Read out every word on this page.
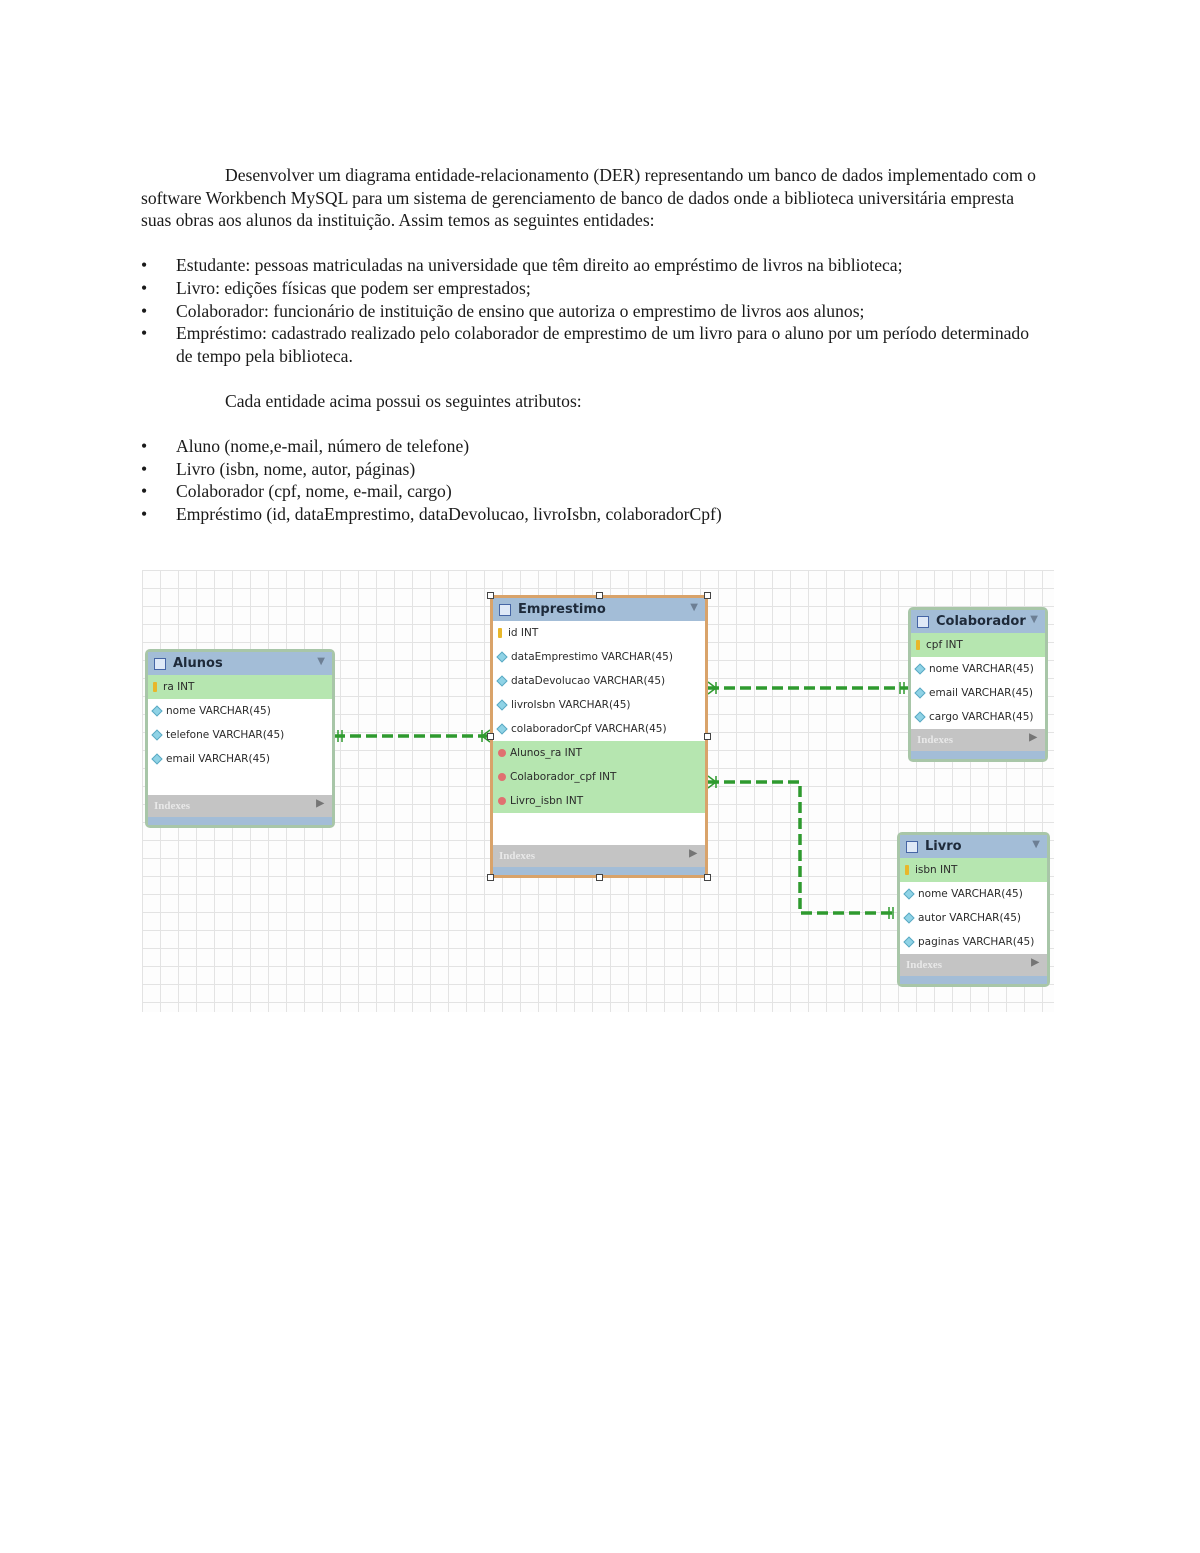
Desenvolver um diagrama entidade-relacionamento (DER) representando um banco de dados implementado com o software Workbench MySQL para um sistema de gerenciamento de banco de dados onde a biblioteca universitária empresta suas obras aos alunos da instituição. Assim temos as seguintes entidades:

• Estudante: pessoas matriculadas na universidade que têm direito ao empréstimo de livros na biblioteca;
• Livro: edições físicas que podem ser emprestados;
• Colaborador: funcionário de instituição de ensino que autoriza o emprestimo de livros aos alunos;
• Empréstimo: cadastrado realizado pelo colaborador de emprestimo de um livro para o aluno por um período determinado de tempo pela biblioteca.

Cada entidade acima possui os seguintes atributos:

• Aluno (nome,e-mail, número de telefone)
• Livro (isbn, nome, autor, páginas)
• Colaborador (cpf, nome, e-mail, cargo)
• Empréstimo (id, dataEmprestimo, dataDevolucao, livroIsbn, colaboradorCpf)
Alunos	▼
ra INT
nome VARCHAR(45)
telefone VARCHAR(45)
email VARCHAR(45)
Indexes	▶
Emprestimo	▼
id INT
dataEmprestimo VARCHAR(45)
dataDevolucao VARCHAR(45)
livroIsbn VARCHAR(45)
colaboradorCpf VARCHAR(45)
Alunos_ra INT
Colaborador_cpf INT
Livro_isbn INT
Indexes	▶
Colaborador ▼
cpf INT
nome VARCHAR(45)
email VARCHAR(45)
cargo VARCHAR(45)
Indexes	▶
Livro	▼
isbn INT
nome VARCHAR(45)
autor VARCHAR(45)
paginas VARCHAR(45)
Indexes	▶
